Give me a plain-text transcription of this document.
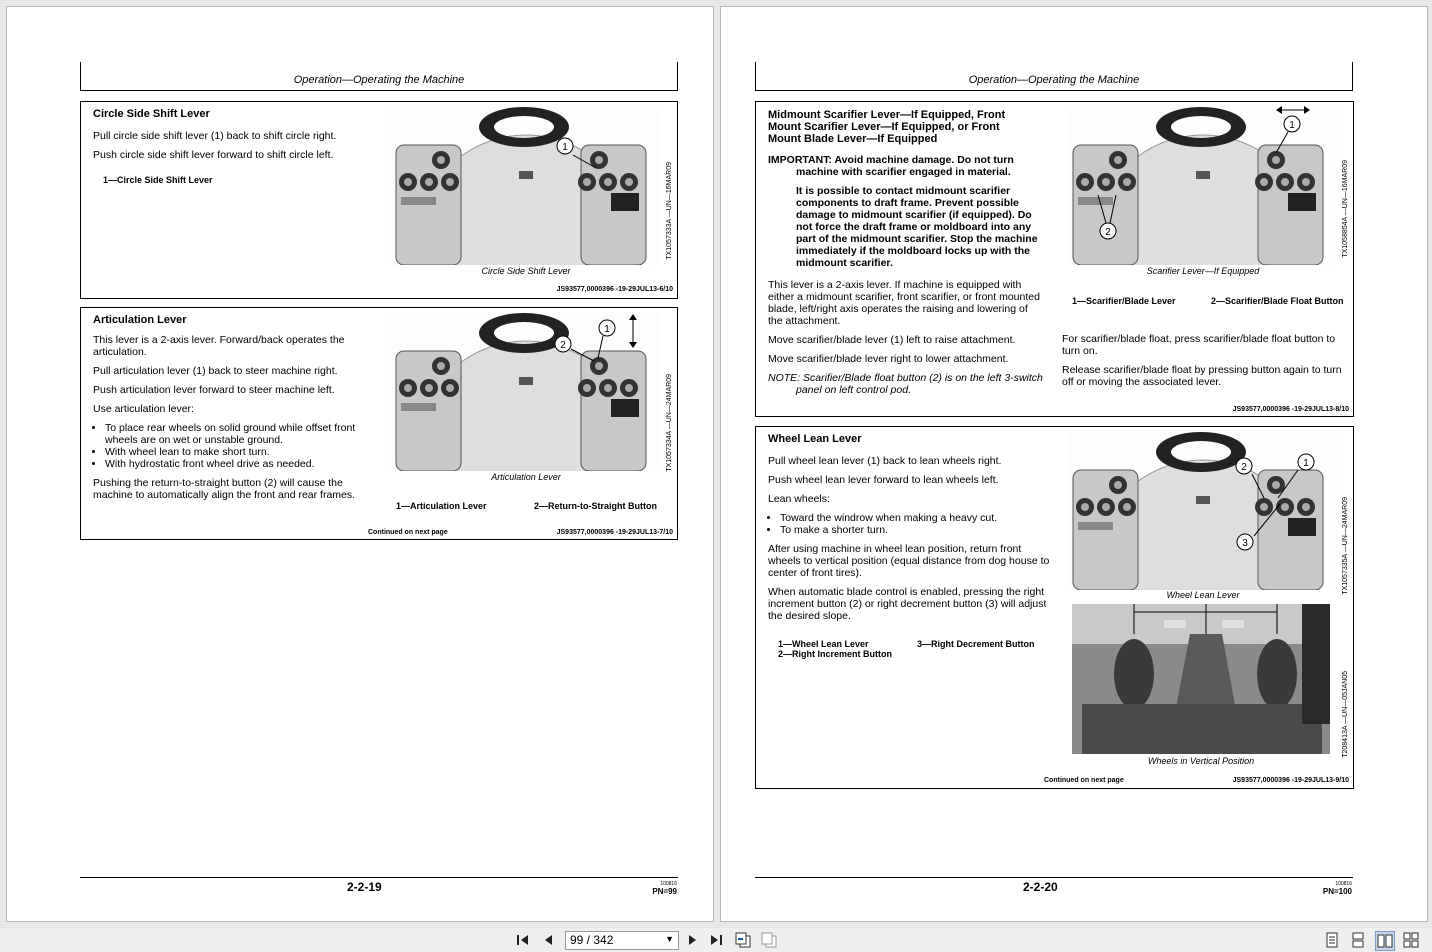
Operation—Operating the Machine
Circle Side Shift Lever

Pull circle side shift lever (1) back to shift circle right.

Push circle side shift lever forward to shift circle left.

1—Circle Side Shift Lever
1
TX1057333A —UN—16MAR09
Circle Side Shift Lever
JS93577,0000396 -19-29JUL13-6/10
Articulation Lever

This lever is a 2-axis lever. Forward/back operates the articulation.

Pull articulation lever (1) back to steer machine right.

Push articulation lever forward to steer machine left.

Use articulation lever:

• To place rear wheels on solid ground while offset front wheels are on wet or unstable ground.
• With wheel lean to make short turn.
• With hydrostatic front wheel drive as needed.

Pushing the return-to-straight button (2) will cause the machine to automatically align the front and rear frames.

1
2
TX1057334A —UN—24MAR09
Articulation Lever
1—Articulation Lever	2—Return-to-Straight Button
Continued on next page	JS93577,0000396 -19-29JUL13-7/10
2-2-19	100816
PN=99
Operation—Operating the Machine
Midmount Scarifier Lever—If Equipped, Front
Mount Scarifier Lever—If Equipped, or Front
Mount Blade Lever—If Equipped

IMPORTANT: Avoid machine damage. Do not turn machine with scarifier engaged in material.

It is possible to contact midmount scarifier components to draft frame. Prevent possible damage to midmount scarifier (if equipped). Do not force the draft frame or moldboard into any part of the midmount scarifier. Stop the machine immediately if the moldboard locks up with the midmount scarifier.

This lever is a 2-axis lever. If machine is equipped with either a midmount scarifier, front scarifier, or front mounted blade, left/right axis operates the raising and lowering of the attachment.

Move scarifier/blade lever (1) left to raise attachment.

Move scarifier/blade lever right to lower attachment.

NOTE: Scarifier/Blade float button (2) is on the left 3-switch panel on left control pod.

1
2	TX1058854A —UN—16MAR09
Scarifier Lever—If Equipped
1—Scarifier/Blade Lever	2—Scarifier/Blade Float Button

For scarifier/blade float, press scarifier/blade float button to turn on.

Release scarifier/blade float by pressing button again to turn off or moving the associated lever.

JS93577,0000396 -19-29JUL13-8/10
Wheel Lean Lever

Pull wheel lean lever (1) back to lean wheels right.

Push wheel lean lever forward to lean wheels left.

Lean wheels:

• Toward the windrow when making a heavy cut.
• To make a shorter turn.

After using machine in wheel lean position, return front wheels to vertical position (equal distance from dog house to center of front tires).

When automatic blade control is enabled, pressing the right increment button (2) or right decrement button (3) will adjust the desired slope.

1—Wheel Lean Lever
2—Right Increment Button
3—Right Decrement Button
1
2
3	TX1057335A —UN—24MAR09
Wheel Lean Lever
T208413A —UN—05JAN05
Wheels in Vertical Position
Continued on next page	JS93577,0000396 -19-29JUL13-9/10
2-2-20	100816
PN=100
99 / 342	▼
